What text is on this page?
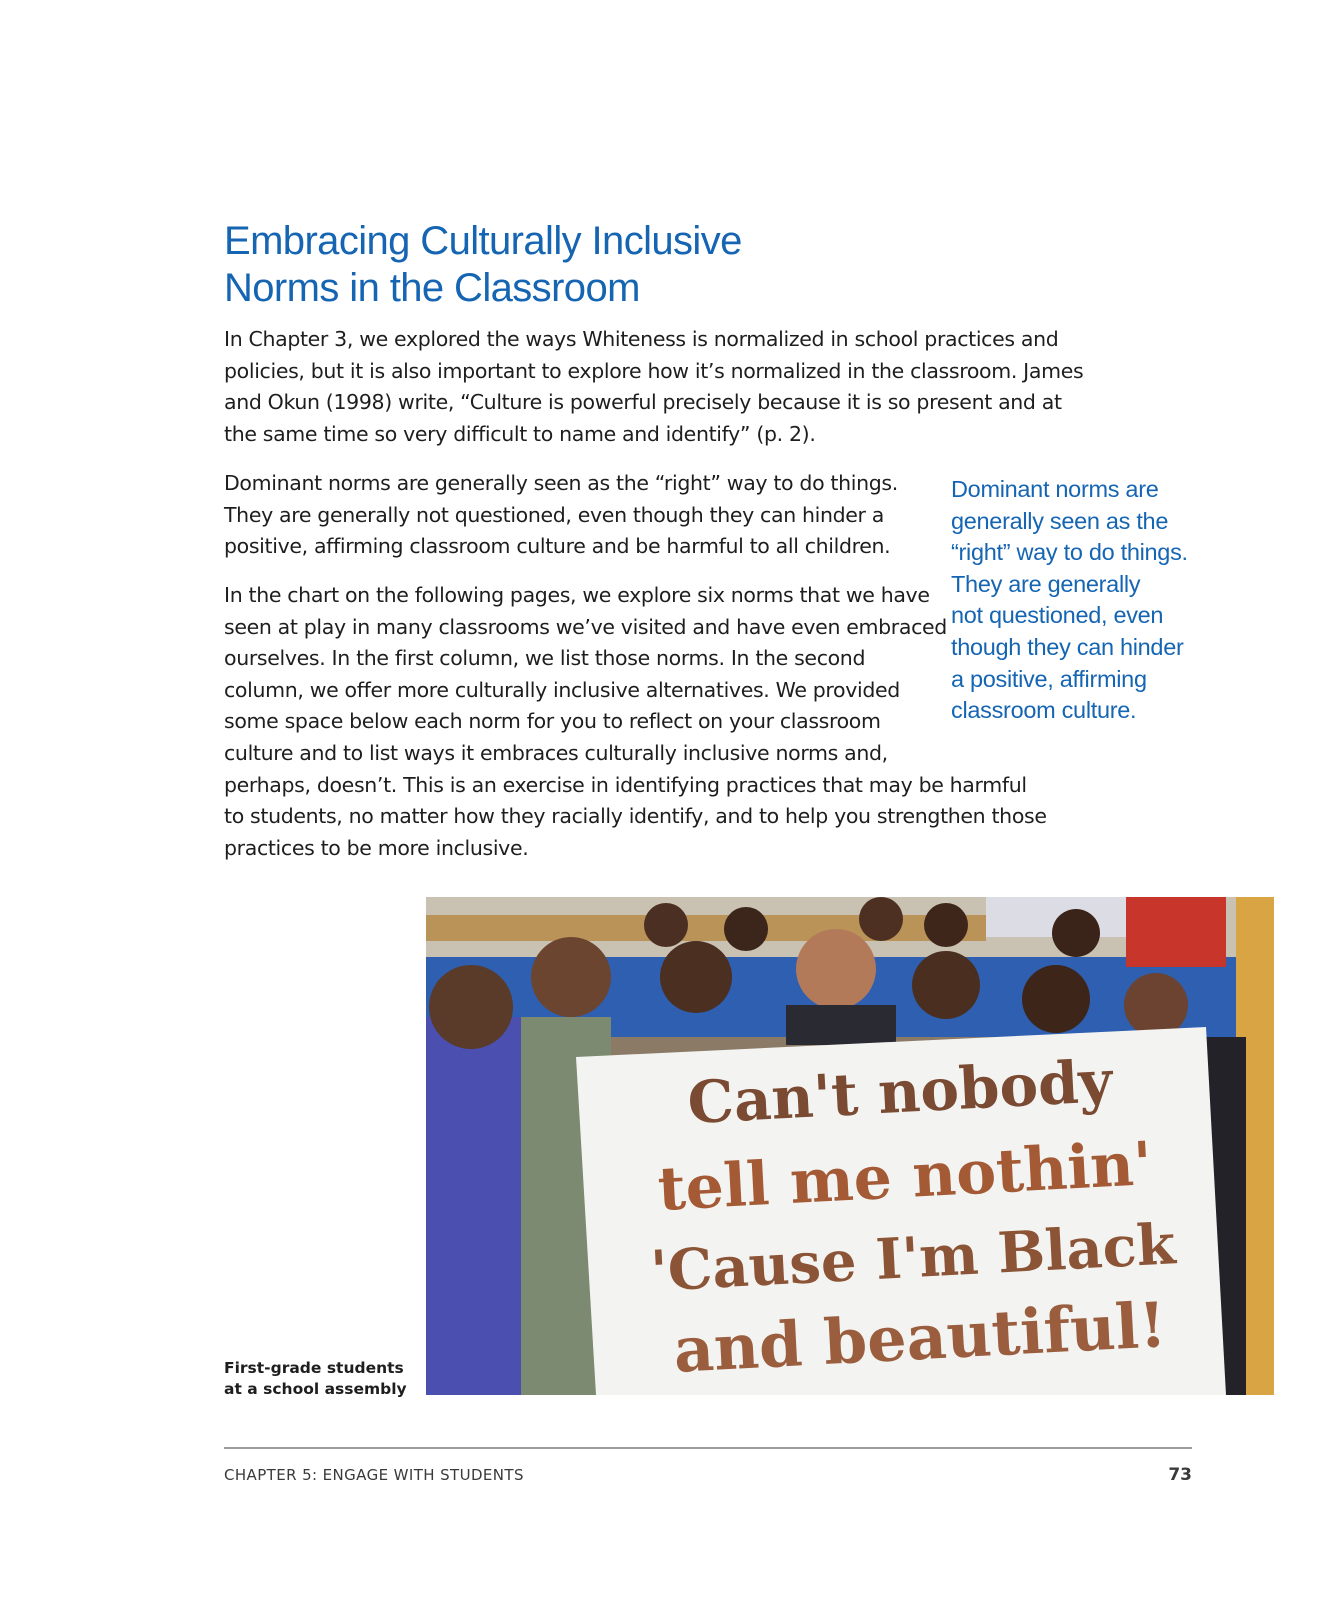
Embracing Culturally Inclusive
Norms in the Classroom

In Chapter 3, we explored the ways Whiteness is normalized in school practices and
policies, but it is also important to explore how it’s normalized in the classroom. James
and Okun (1998) write, “Culture is powerful precisely because it is so present and at
the same time so very difficult to name and identify” (p. 2).

Dominant norms are generally seen as the “right” way to do things.
They are generally not questioned, even though they can hinder a
positive, affirming classroom culture and be harmful to all children.

In the chart on the following pages, we explore six norms that we have
seen at play in many classrooms we’ve visited and have even embraced
ourselves. In the first column, we list those norms. In the second
column, we offer more culturally inclusive alternatives. We provided
some space below each norm for you to reflect on your classroom
culture and to list ways it embraces culturally inclusive norms and,
perhaps, doesn’t. This is an exercise in identifying practices that may be harmful
to students, no matter how they racially identify, and to help you strengthen those
practices to be more inclusive.

Dominant norms are
generally seen as the
“right” way to do things.
They are generally
not questioned, even
though they can hinder
a positive, affirming
classroom culture.

Can't nobody
tell me nothin'
'Cause I'm Black
and beautiful!

First-grade students
at a school assembly

CHAPTER 5: ENGAGE WITH STUDENTS	73
